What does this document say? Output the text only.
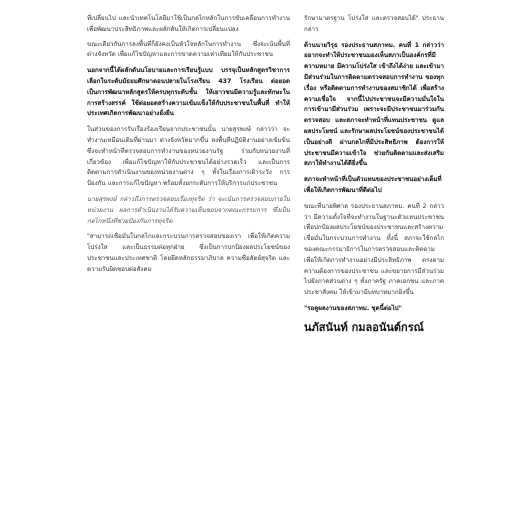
ที่เปลี่ยนไป และนำเทคโนโลยีมาใช้เป็นกลไกหลักในการขับเคลื่อนการทำงาน เพื่อพัฒนาประสิทธิภาพและผลักดันให้เกิดการเปลี่ยนแปลง

ขณะเดียวกันการลงพื้นที่ก็ยังคงเป็นหัวใจหลักในการทำงาน ซึ่งจะเน้นพื้นที่ต่างจังหวัด เพื่อแก้ไขปัญหาและการขาดความเท่าเทียมให้กับประชาชน

นอกจากนี้ได้ผลักดันนโยบายและการเรียนรู้แบบ บรรจุเป็นหลักสูตรวิชาการเลือกในระดับมัธยมศึกษาตอนปลายในโรงเรียน 437 โรงเรียน ต่อยอดเป็นการพัฒนาหลักสูตรให้ครบทุกระดับชั้น ให้เยาวชนมีความรู้และทักษะในการสร้างสรรค์ ใช้ต่อยอดสร้างความเข้มแข็งให้กับประชาชนในพื้นที่ ทำให้ประเทศเกิดการพัฒนาอย่างยั่งยืน

ในส่วนของการรับเรื่องร้องเรียนจากประชาชนนั้น นายสุรพงษ์ กล่าวว่า จะทำงานเหมือนเดิมที่ผ่านมา ต่างจังหวัดมากขึ้น ลงพื้นที่ปฏิบัติงานอย่างเข้มข้น ซึ่งจะทำหน้าที่ตรวจสอบการทำงานของหน่วยงานรัฐ ร่วมกับหน่วยงานที่เกี่ยวข้อง เพื่อแก้ไขปัญหาให้กับประชาชนได้อย่างรวดเร็ว และเป็นการติดตามการดำเนินงานของหน่วยงานต่าง ๆ ทั้งในเรื่องการเฝ้าระวัง การป้องกัน และการแก้ไขปัญหา พร้อมทั้งยกระดับการให้บริการแก่ประชาชน

นายสุรพงษ์ กล่าวถึงการตรวจสอบเรื่องทุจริต ว่า จะเน้นการตรวจสอบภายในหน่วยงาน ผลการดำเนินงานได้รับความเห็นชอบจากคณะกรรมการ ซึ่งเป็นกลไกหนึ่งที่ช่วยป้องกันการทุจริต

"สามารถเชื่อมั่นในกลไกและกระบวนการตรวจสอบของเรา เพื่อให้เกิดความโปร่งใส และเป็นธรรมต่อทุกฝ่าย ซึ่งเป็นการปกป้องผลประโยชน์ของประชาชนและประเทศชาติ โดยยึดหลักธรรมาภิบาล ความซื่อสัตย์สุจริต และความรับผิดชอบต่อสังคม

รักษามาตรฐาน โปร่งใส และตรวจสอบได้" ประธาน กล่าว

ด้านนายวิรุธ รองประธานสภาทม. คนที่ 1 กล่าวว่า อยากจะทำให้ประชาชนมองเห็นสภาเป็นองค์กรที่มีความหมาย มีความโปร่งใส เข้าถึงได้ง่าย และเข้ามามีส่วนร่วมในการติดตามตรวจสอบการทำงาน ของทุกเรื่อง หรือติดตามการทำงานของสมาชิกได้ เพื่อสร้างความเชื่อใจ จากนี้ไปประชาชนจะมีความมั่นใจในการเข้ามามีส่วนร่วม เพราะจะมีประชาชนมาร่วมกันตรวจสอบ และสภาจะทำหน้าที่แทนประชาชน ดูแลผลประโยชน์ และรักษาผลประโยชน์ของประชาชนได้เป็นอย่างดี ผ่านกลไกที่มีประสิทธิภาพ ต้องการให้ประชาชนมีความเข้าใจ ช่วยกันติดตามและส่งเสริมสภาให้ทำงานได้ดียิ่งขึ้น

สภาจะทำหน้าที่เป็นตัวแทนของประชาชนอย่างเต็มที่ เพื่อให้เกิดการพัฒนาที่ดีต่อไป

ขณะที่นายพิศาล รองประธานสภาทม. คนที่ 2 กล่าวว่า มีความตั้งใจที่จะทำงานในฐานะตัวแทนประชาชน เพื่อปกป้องผลประโยชน์ของประชาชนและสร้างความเชื่อมั่นในกระบวนการทำงาน ทั้งนี้ สภาจะใช้กลไกของคณะกรรมาธิการในการตรวจสอบและติดตาม เพื่อให้เกิดการทำงานอย่างมีประสิทธิภาพ ตรงตามความต้องการของประชาชน และขยายการมีส่วนร่วมไปยังภาคส่วนต่าง ๆ ทั้งภาครัฐ ภาคเอกชน และภาคประชาสังคม ให้เข้ามามีบทบาทมากยิ่งขึ้น

"รอดูผลงานของสภาทม. ชุดนี้ต่อไป"

นภัสนันท์ กมลอนันต์กรณ์
